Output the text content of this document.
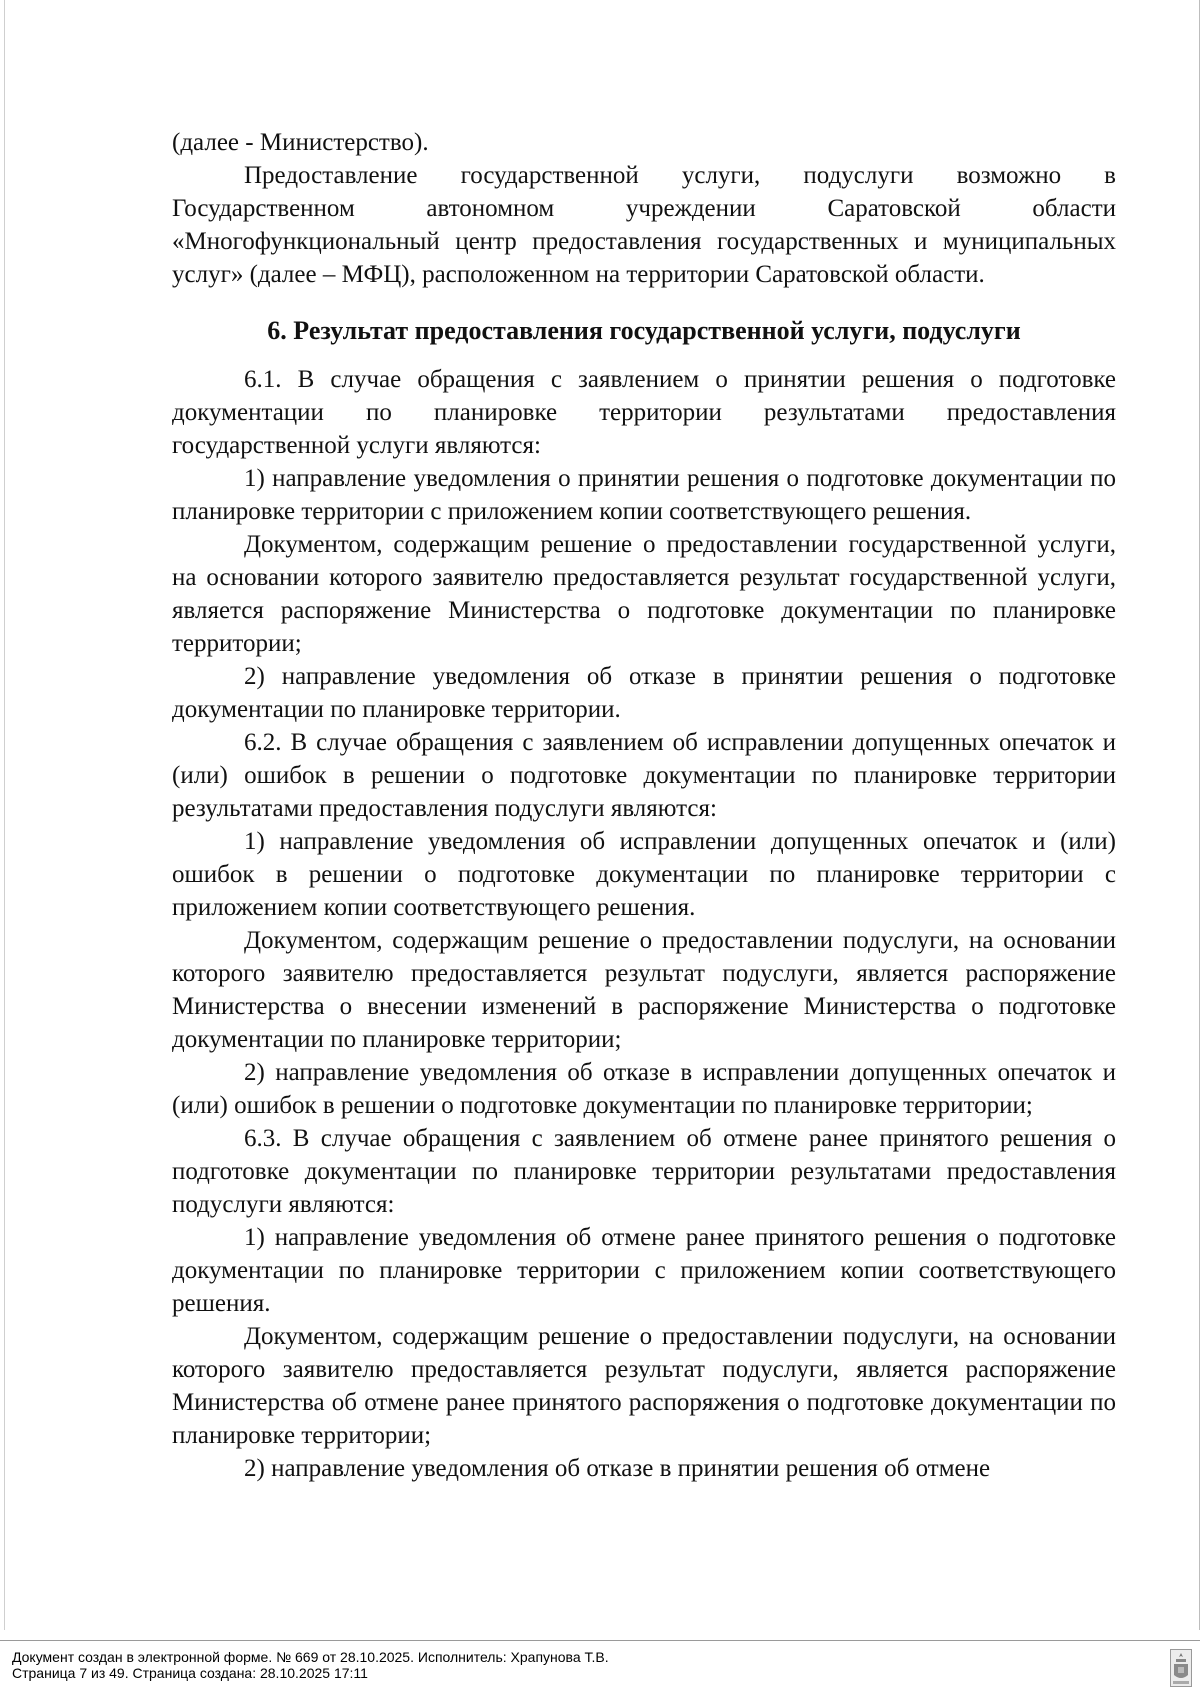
(далее - Министерство).

Предоставление государственной услуги, подуслуги возможно в Государственном автономном учреждении Саратовской области «Многофункциональный центр предоставления государственных и муниципальных услуг» (далее – МФЦ), расположенном на территории Саратовской области.

6. Результат предоставления государственной услуги, подуслуги

6.1. В случае обращения с заявлением о принятии решения о подготовке документации по планировке территории результатами предоставления государственной услуги являются:

1) направление уведомления о принятии решения о подготовке документации по планировке территории с приложением копии соответствующего решения.

Документом, содержащим решение о предоставлении государственной услуги, на основании которого заявителю предоставляется результат государственной услуги, является распоряжение Министерства о подготовке документации по планировке территории;

2) направление уведомления об отказе в принятии решения о подготовке документации по планировке территории.

6.2. В случае обращения с заявлением об исправлении допущенных опечаток и (или) ошибок в решении о подготовке документации по планировке территории результатами предоставления подуслуги являются:

1) направление уведомления об исправлении допущенных опечаток и (или) ошибок в решении о подготовке документации по планировке территории с приложением копии соответствующего решения.

Документом, содержащим решение о предоставлении подуслуги, на основании которого заявителю предоставляется результат подуслуги, является распоряжение Министерства о внесении изменений в распоряжение Министерства о подготовке документации по планировке территории;

2) направление уведомления об отказе в исправлении допущенных опечаток и (или) ошибок в решении о подготовке документации по планировке территории;

6.3. В случае обращения с заявлением об отмене ранее принятого решения о подготовке документации по планировке территории результатами предоставления подуслуги являются:

1) направление уведомления об отмене ранее принятого решения о подготовке документации по планировке территории с приложением копии соответствующего решения.

Документом, содержащим решение о предоставлении подуслуги, на основании которого заявителю предоставляется результат подуслуги, является распоряжение Министерства об отмене ранее принятого распоряжения о подготовке документации по планировке территории;

2) направление уведомления об отказе в принятии решения об отмене

Документ создан в электронной форме. № 669 от 28.10.2025. Исполнитель: Храпунова Т.В.
Страница 7 из 49. Страница создана: 28.10.2025 17:11
